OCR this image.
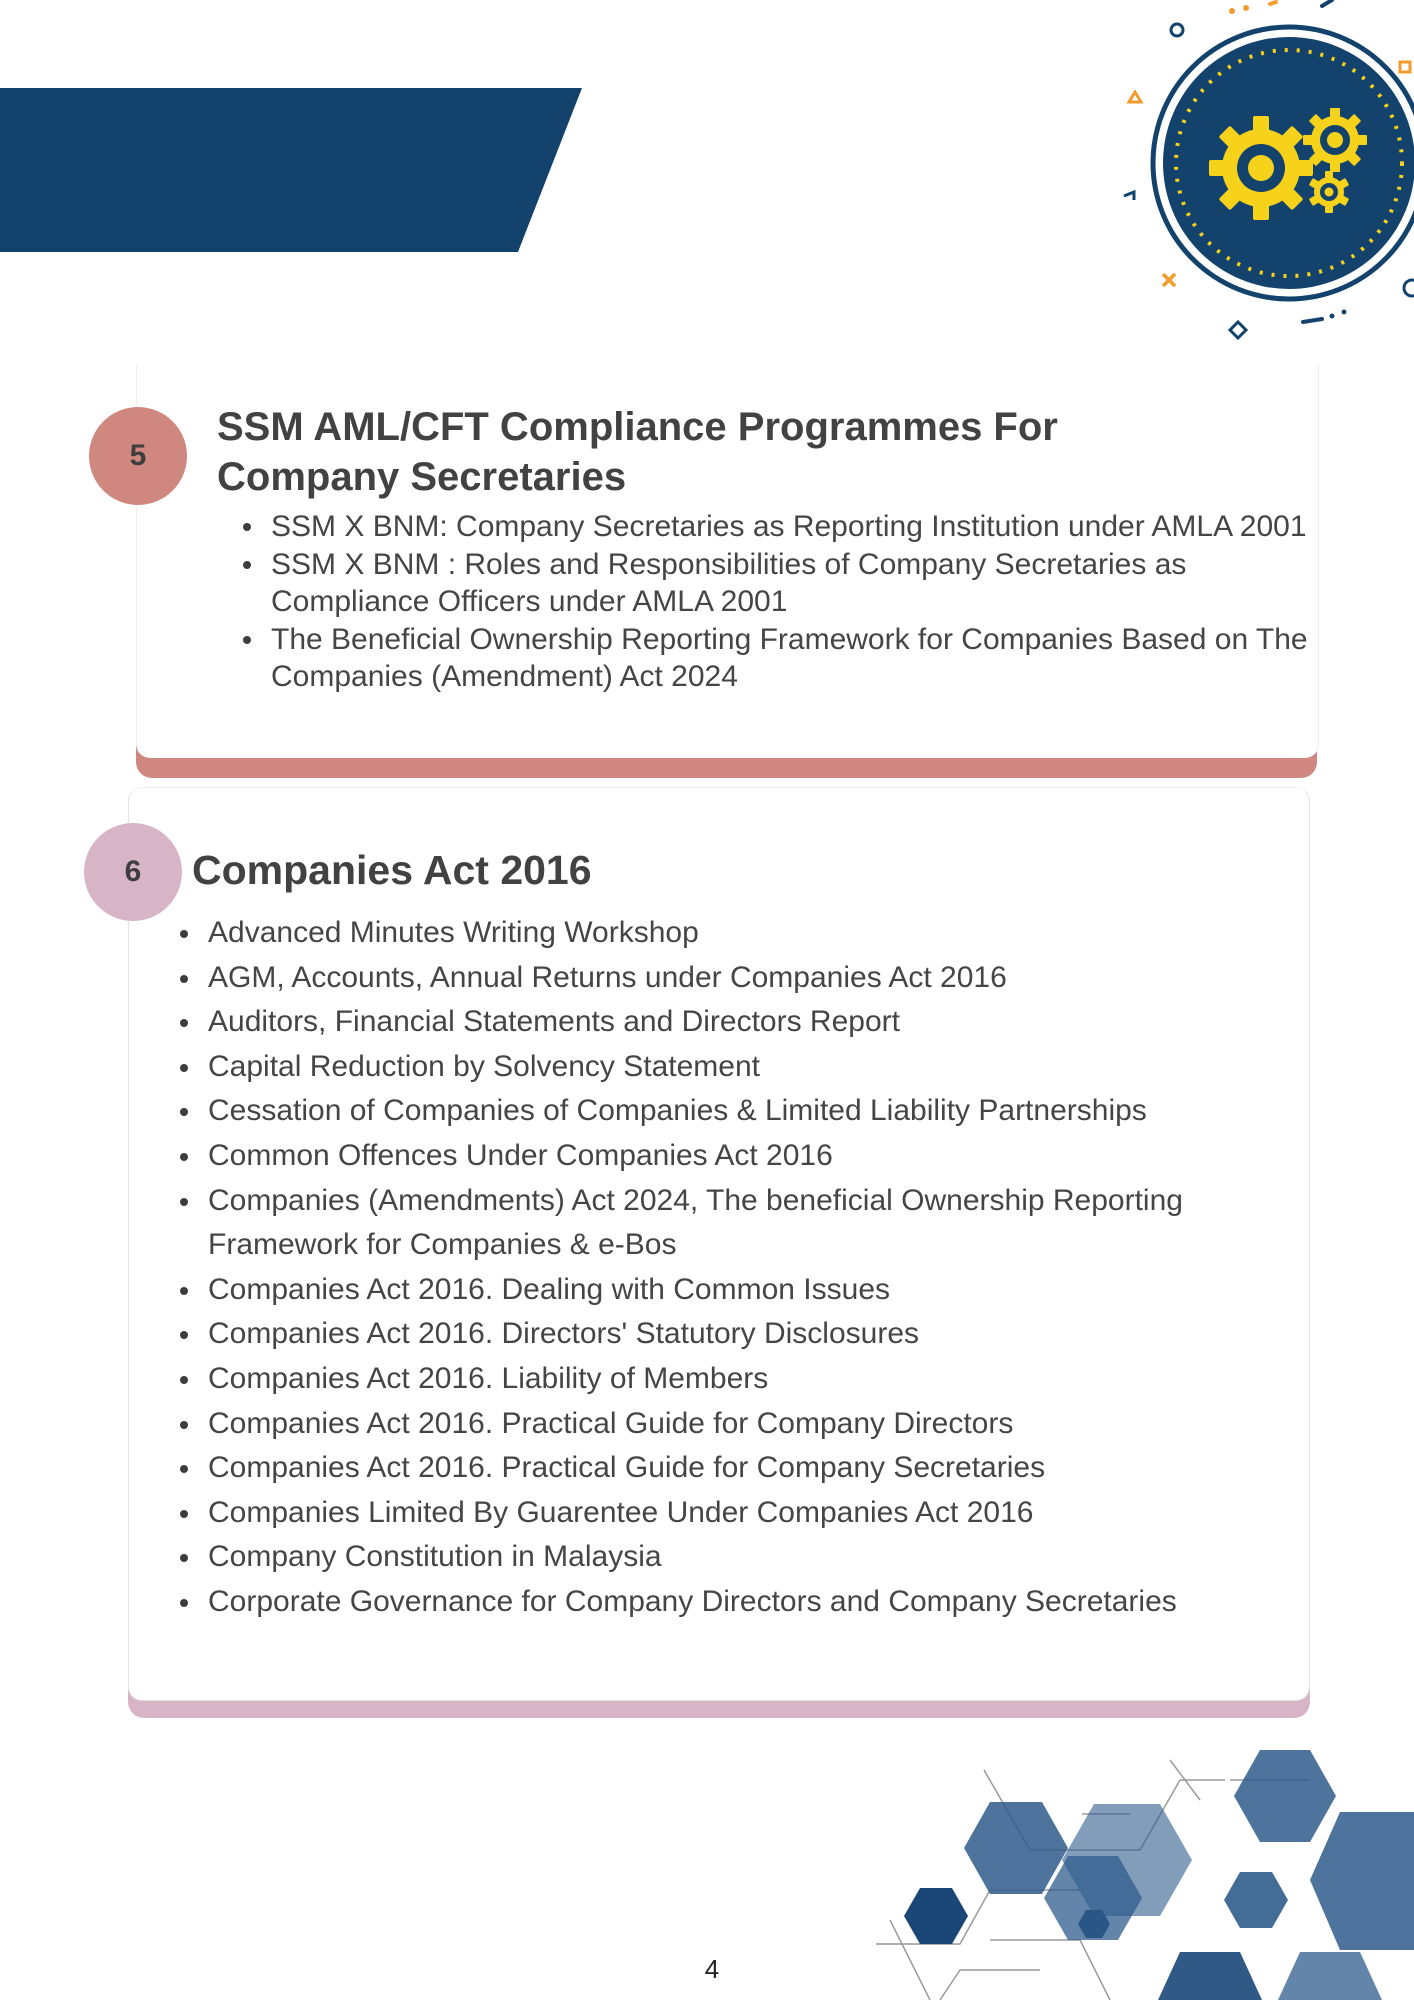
5
SSM AML/CFT Compliance Programmes For Company Secretaries
SSM X BNM: Company Secretaries as Reporting Institution under AMLA 2001
SSM X BNM : Roles and Responsibilities of Company Secretaries as Compliance Officers under AMLA 2001
The Beneficial Ownership Reporting Framework for Companies Based on The Companies (Amendment) Act 2024
6	Companies Act 2016
Advanced Minutes Writing Workshop
AGM, Accounts, Annual Returns under Companies Act 2016
Auditors, Financial Statements and Directors Report
Capital Reduction by Solvency Statement
Cessation of Companies of Companies & Limited Liability Partnerships
Common Offences Under Companies Act 2016
Companies (Amendments) Act 2024, The beneficial Ownership Reporting Framework for Companies & e-Bos
Companies Act 2016. Dealing with Common Issues
Companies Act 2016. Directors' Statutory Disclosures
Companies Act 2016. Liability of Members
Companies Act 2016. Practical Guide for Company Directors
Companies Act 2016. Practical Guide for Company Secretaries
Companies Limited By Guarentee Under Companies Act 2016
Company Constitution in Malaysia
Corporate Governance for Company Directors and Company Secretaries
4
